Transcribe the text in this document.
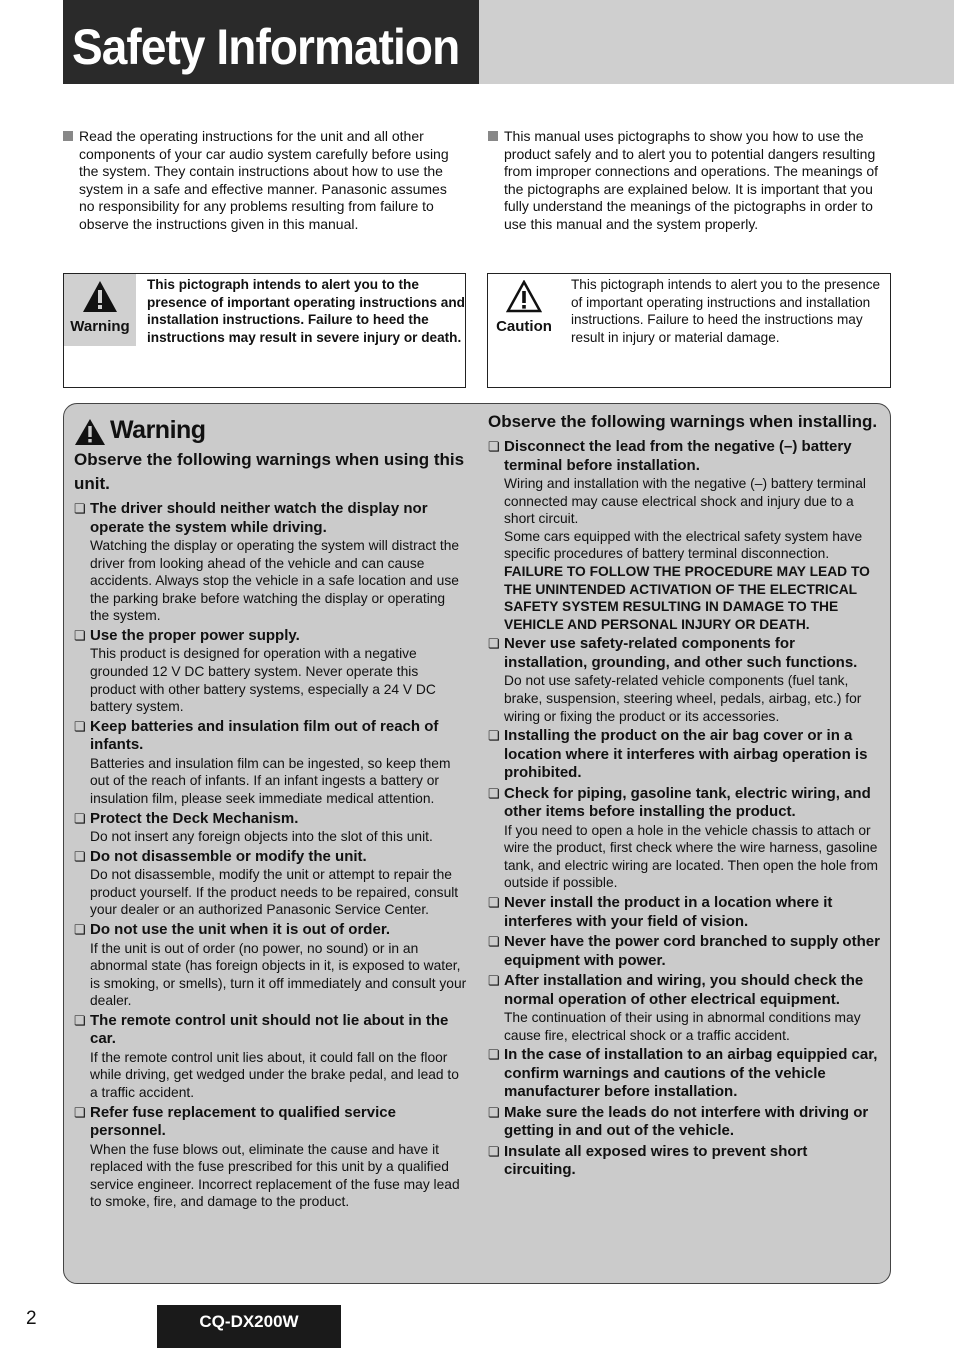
Safety Information
Read the operating instructions for the unit and all other components of your car audio system carefully before using the system. They contain instructions about how to use the system in a safe and effective manner. Panasonic assumes no responsibility for any problems resulting from failure to observe the instructions given in this manual.
This manual uses pictographs to show you how to use the product safely and to alert you to potential dangers resulting from improper connections and operations. The meanings of the pictographs are explained below. It is important that you fully understand the meanings of the pictographs in order to use this manual and the system properly.
Warning
This pictograph intends to alert you to the presence of important operating instructions and installation instructions. Failure to heed the instructions may result in severe injury or death.
Caution
This pictograph intends to alert you to the presence of important operating instructions and installation instructions. Failure to heed the instructions may result in injury or material damage.
Warning
Observe the following warnings when using this unit.
❏ The driver should neither watch the display nor operate the system while driving.
Watching the display or operating the system will distract the driver from looking ahead of the vehicle and can cause accidents. Always stop the vehicle in a safe location and use the parking brake before watching the display or operating the system.
❏ Use the proper power supply.
This product is designed for operation with a negative grounded 12 V DC battery system. Never operate this product with other battery systems, especially a 24 V DC battery system.
❏ Keep batteries and insulation film out of reach of infants.
Batteries and insulation film can be ingested, so keep them out of the reach of infants. If an infant ingests a battery or insulation film, please seek immediate medical attention.
❏ Protect the Deck Mechanism.
Do not insert any foreign objects into the slot of this unit.
❏ Do not disassemble or modify the unit.
Do not disassemble, modify the unit or attempt to repair the product yourself. If the product needs to be repaired, consult your dealer or an authorized Panasonic Service Center.
❏ Do not use the unit when it is out of order.
If the unit is out of order (no power, no sound) or in an abnormal state (has foreign objects in it, is exposed to water, is smoking, or smells), turn it off immediately and consult your dealer.
❏ The remote control unit should not lie about in the car.
If the remote control unit lies about, it could fall on the floor while driving, get wedged under the brake pedal, and lead to a traffic accident.
❏ Refer fuse replacement to qualified service personnel.
When the fuse blows out, eliminate the cause and have it replaced with the fuse prescribed for this unit by a qualified service engineer. Incorrect replacement of the fuse may lead to smoke, fire, and damage to the product.
Observe the following warnings when installing.
❏ Disconnect the lead from the negative (–) battery terminal before installation.
Wiring and installation with the negative (–) battery terminal connected may cause electrical shock and injury due to a short circuit.
Some cars equipped with the electrical safety system have specific procedures of battery terminal disconnection.
FAILURE TO FOLLOW THE PROCEDURE MAY LEAD TO THE UNINTENDED ACTIVATION OF THE ELECTRICAL SAFETY SYSTEM RESULTING IN DAMAGE TO THE VEHICLE AND PERSONAL INJURY OR DEATH.
❏ Never use safety-related components for installation, grounding, and other such functions.
Do not use safety-related vehicle components (fuel tank, brake, suspension, steering wheel, pedals, airbag, etc.) for wiring or fixing the product or its accessories.
❏ Installing the product on the air bag cover or in a location where it interferes with airbag operation is prohibited.
❏ Check for piping, gasoline tank, electric wiring, and other items before installing the product.
If you need to open a hole in the vehicle chassis to attach or wire the product, first check where the wire harness, gasoline tank, and electric wiring are located. Then open the hole from outside if possible.
❏ Never install the product in a location where it interferes with your field of vision.
❏ Never have the power cord branched to supply other equipment with power.
❏ After installation and wiring, you should check the normal operation of other electrical equipment.
The continuation of their using in abnormal conditions may cause fire, electrical shock or a traffic accident.
❏ In the case of installation to an airbag equippied car, confirm warnings and cautions of the vehicle manufacturer before installation.
❏ Make sure the leads do not interfere with driving or getting in and out of the vehicle.
❏ Insulate all exposed wires to prevent short circuiting.
2	CQ-DX200W
